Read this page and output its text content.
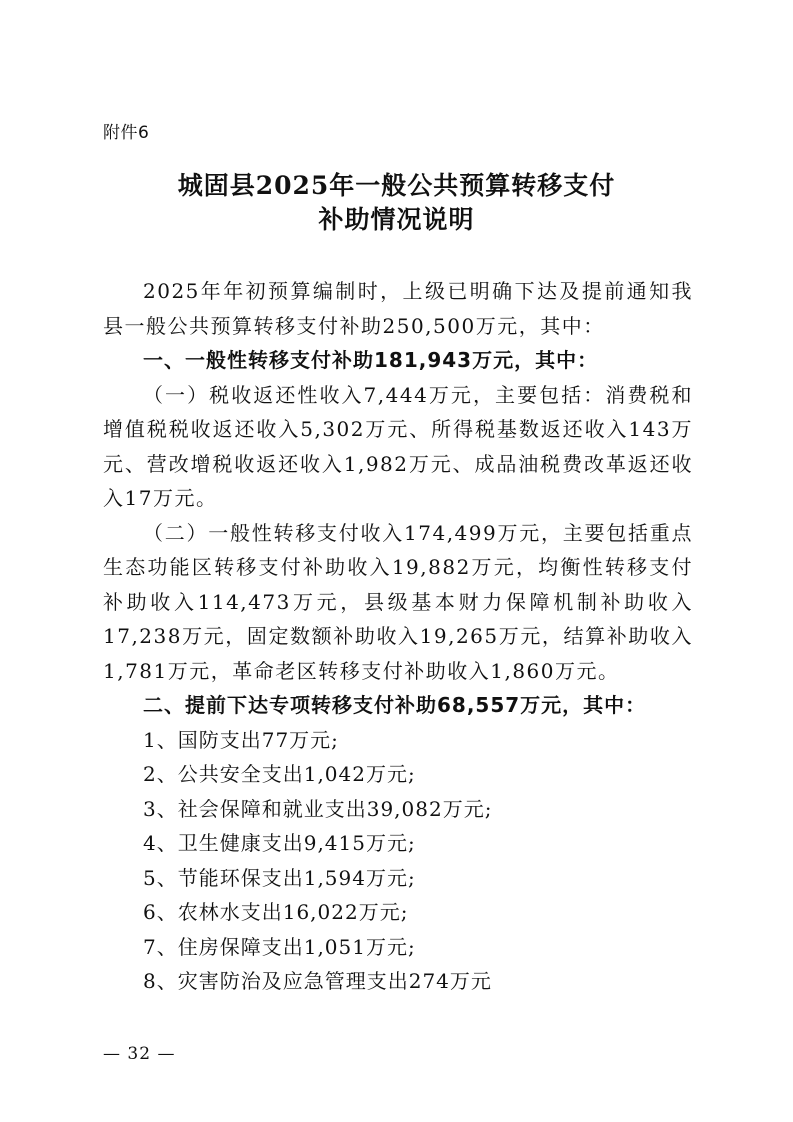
附件6
城固县2025年一般公共预算转移支付
补助情况说明

2025年年初预算编制时，上级已明确下达及提前通知我县一般公共预算转移支付补助250,500万元，其中：

一、一般性转移支付补助181,943万元，其中：

（一）税收返还性收入7,444万元，主要包括：消费税和增值税税收返还收入5,302万元、所得税基数返还收入143万元、营改增税收返还收入1,982万元、成品油税费改革返还收入17万元。

（二）一般性转移支付收入174,499万元，主要包括重点生态功能区转移支付补助收入19,882万元，均衡性转移支付补助收入114,473万元，县级基本财力保障机制补助收入17,238万元，固定数额补助收入19,265万元，结算补助收入1,781万元，革命老区转移支付补助收入1,860万元。

二、提前下达专项转移支付补助68,557万元，其中：

1、国防支出77万元;

2、公共安全支出1,042万元;

3、社会保障和就业支出39,082万元;

4、卫生健康支出9,415万元;

5、节能环保支出1,594万元;

6、农林水支出16,022万元;

7、住房保障支出1,051万元;

8、灾害防治及应急管理支出274万元

— 32 —
